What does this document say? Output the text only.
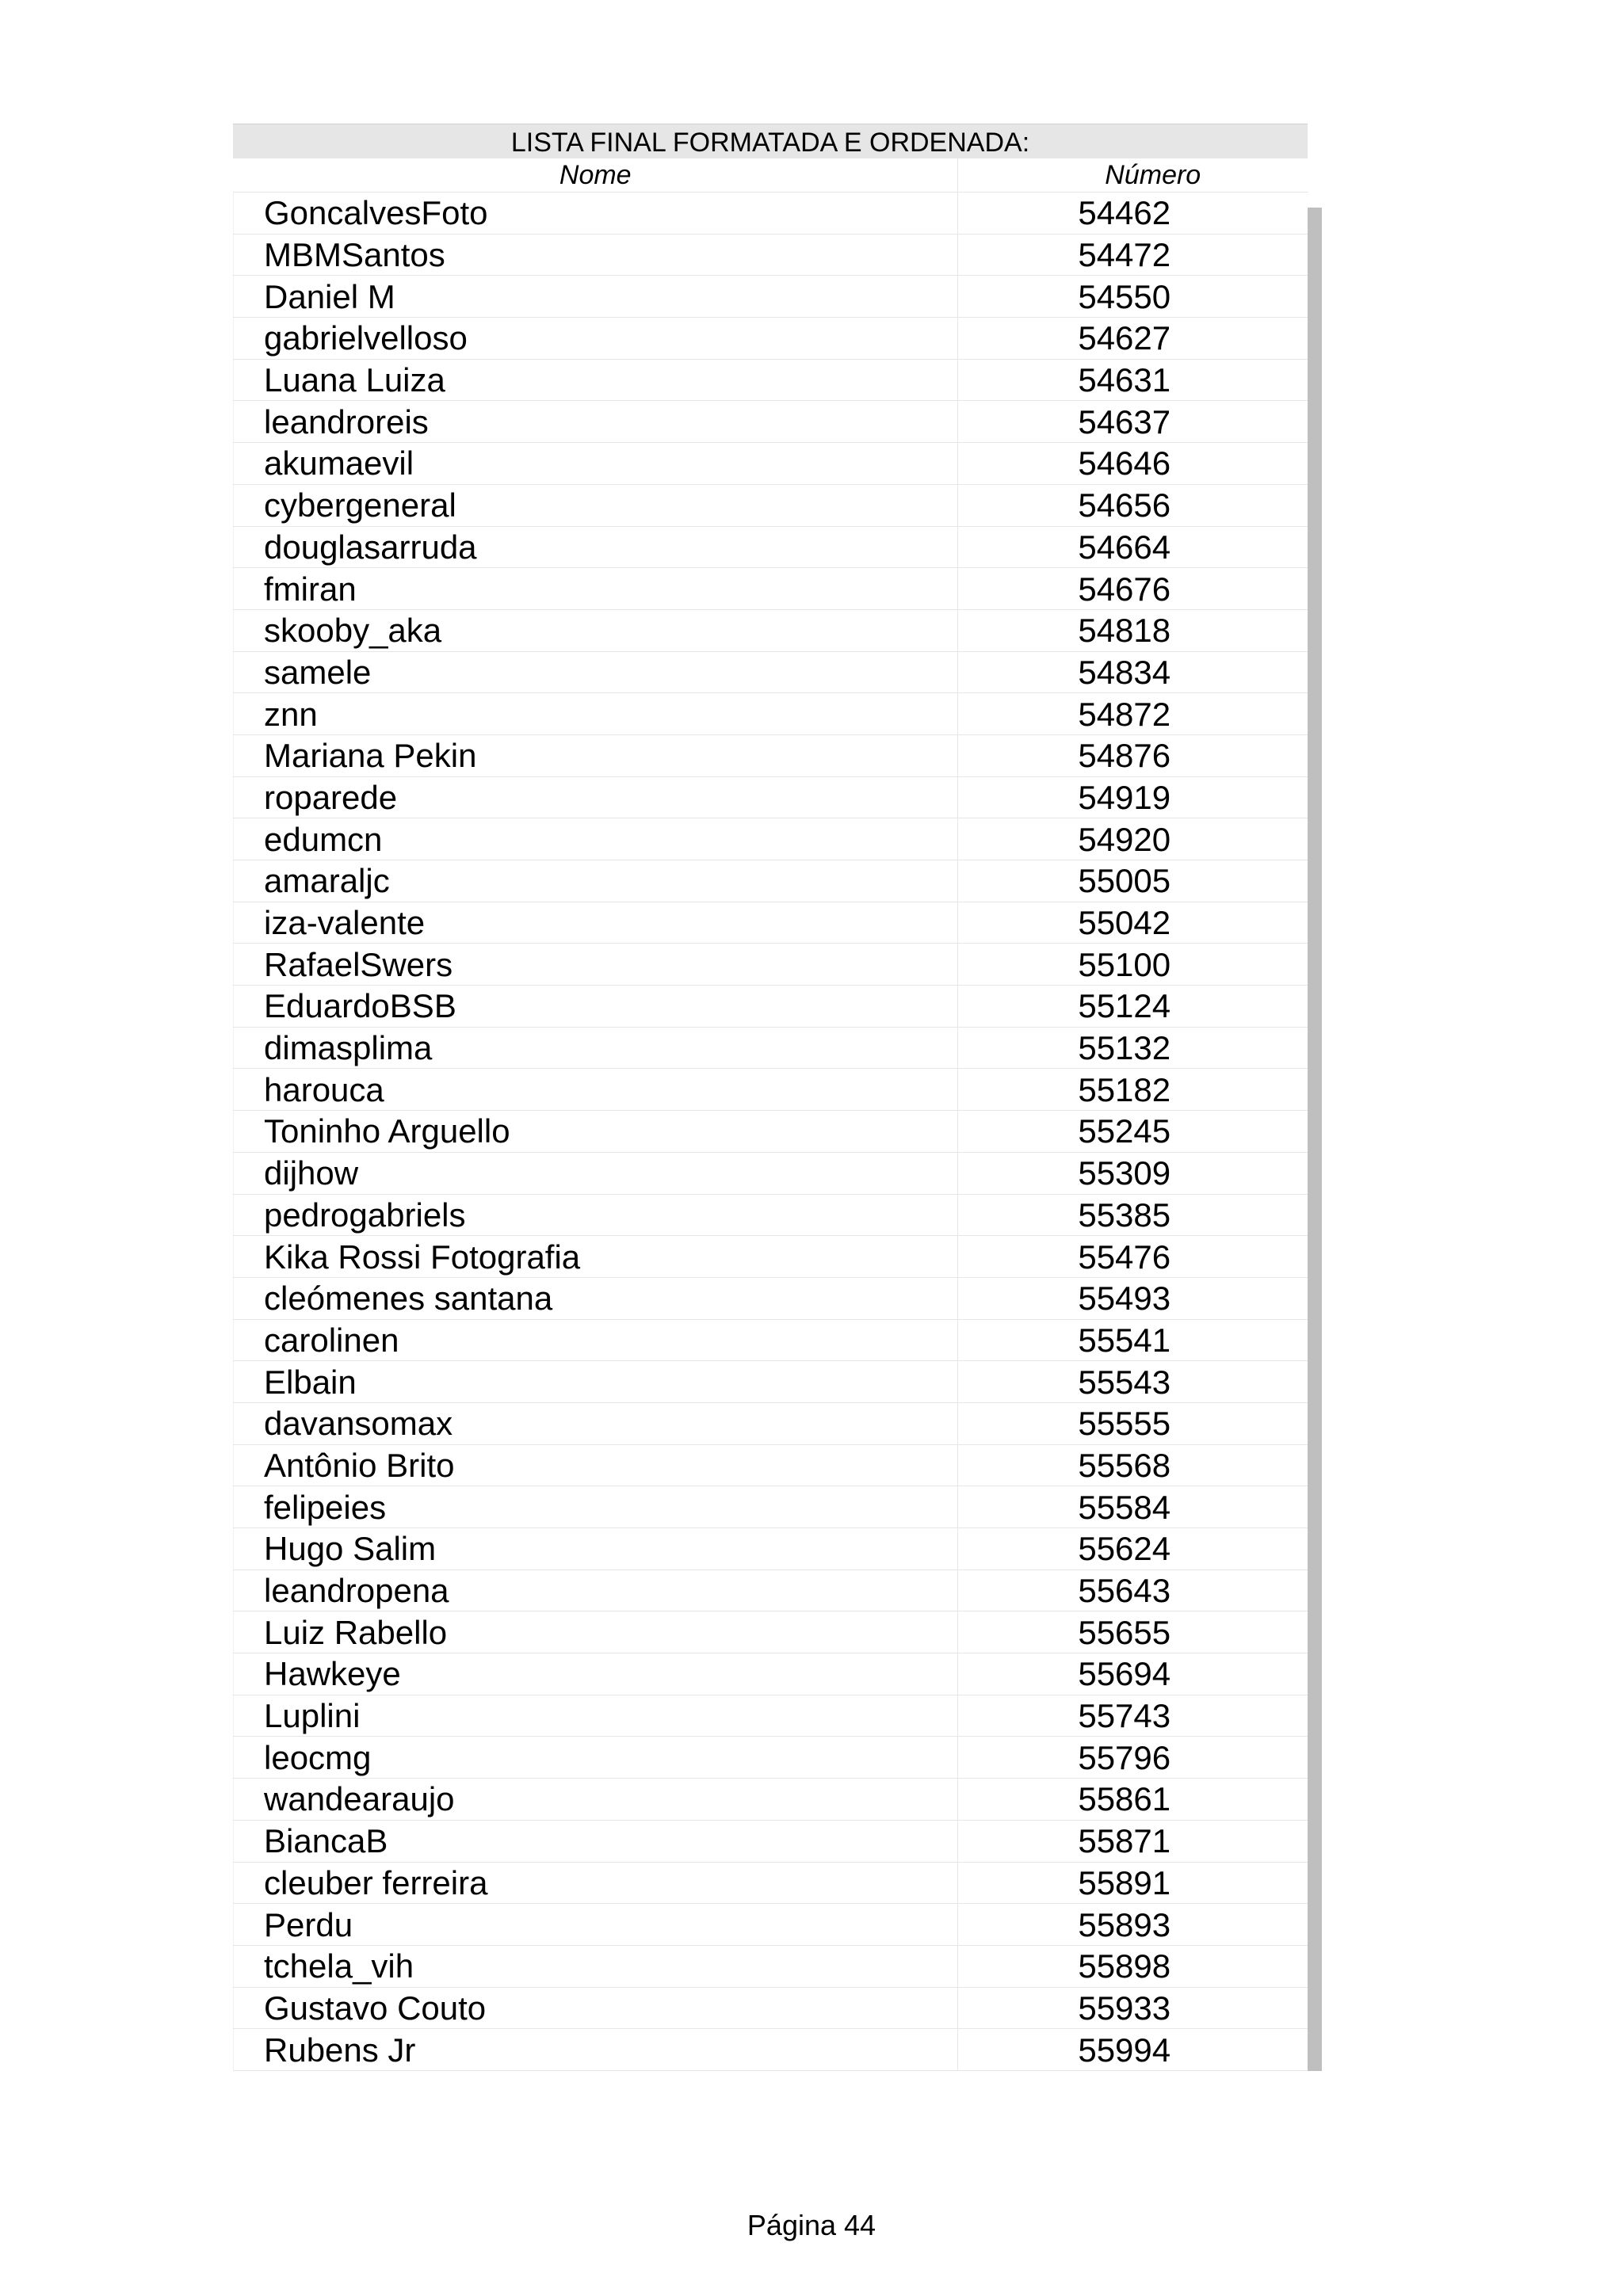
LISTA FINAL FORMATADA E ORDENADA:
Nome	Número
GoncalvesFoto	54462
MBMSantos	54472
Daniel M	54550
gabrielvelloso	54627
Luana Luiza	54631
leandroreis	54637
akumaevil	54646
cybergeneral	54656
douglasarruda	54664
fmiran	54676
skooby_aka	54818
samele	54834
znn	54872
Mariana Pekin	54876
roparede	54919
edumcn	54920
amaraljc	55005
iza-valente	55042
RafaelSwers	55100
EduardoBSB	55124
dimasplima	55132
harouca	55182
Toninho Arguello	55245
dijhow	55309
pedrogabriels	55385
Kika Rossi Fotografia	55476
cleómenes santana	55493
carolinen	55541
Elbain	55543
davansomax	55555
Antônio Brito	55568
felipeies	55584
Hugo Salim	55624
leandropena	55643
Luiz Rabello	55655
Hawkeye	55694
Luplini	55743
leocmg	55796
wandearaujo	55861
BiancaB	55871
cleuber ferreira	55891
Perdu	55893
tchela_vih	55898
Gustavo Couto	55933
Rubens Jr	55994
Página 44
